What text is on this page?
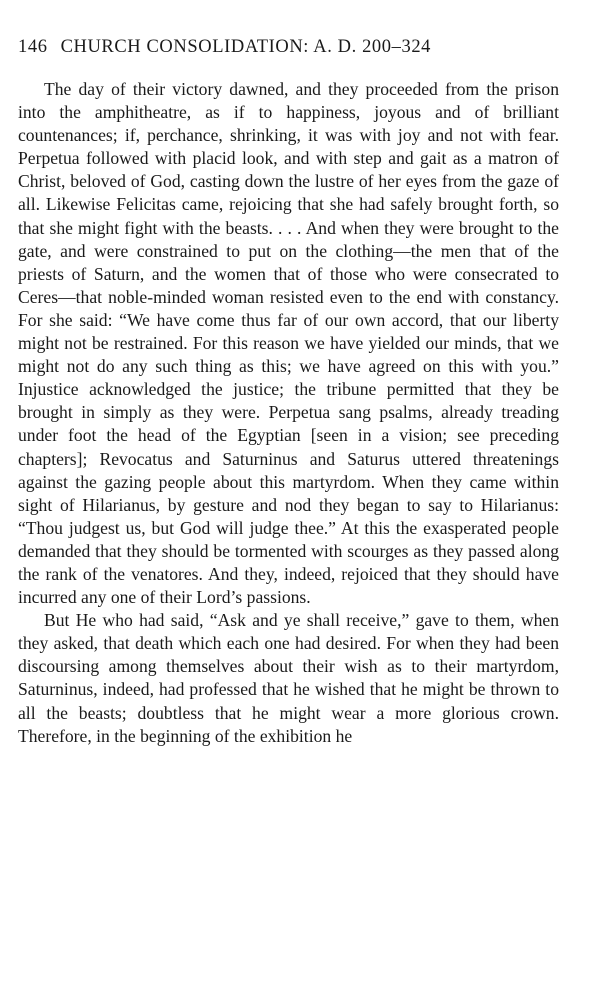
146 CHURCH CONSOLIDATION: A. D. 200–324

The day of their victory dawned, and they proceeded from the prison into the amphitheatre, as if to happiness, joyous and of brilliant countenances; if, perchance, shrinking, it was with joy and not with fear. Perpetua followed with placid look, and with step and gait as a matron of Christ, beloved of God, casting down the lustre of her eyes from the gaze of all. Likewise Felicitas came, rejoicing that she had safely brought forth, so that she might fight with the beasts. . . . And when they were brought to the gate, and were constrained to put on the clothing—the men that of the priests of Saturn, and the women that of those who were consecrated to Ceres—that noble-minded woman resisted even to the end with constancy. For she said: “We have come thus far of our own accord, that our liberty might not be restrained. For this reason we have yielded our minds, that we might not do any such thing as this; we have agreed on this with you.” Injustice acknowledged the justice; the tribune permitted that they be brought in simply as they were. Perpetua sang psalms, already treading under foot the head of the Egyptian [seen in a vision; see preceding chapters]; Revocatus and Saturninus and Saturus uttered threatenings against the gazing people about this martyrdom. When they came within sight of Hilarianus, by gesture and nod they began to say to Hilarianus: “Thou judgest us, but God will judge thee.” At this the exasperated people demanded that they should be tormented with scourges as they passed along the rank of the venatores. And they, indeed, rejoiced that they should have incurred any one of their Lord’s passions.

But He who had said, “Ask and ye shall receive,” gave to them, when they asked, that death which each one had desired. For when they had been discoursing among themselves about their wish as to their martyrdom, Saturninus, indeed, had professed that he wished that he might be thrown to all the beasts; doubtless that he might wear a more glorious crown. Therefore, in the beginning of the exhibition he
